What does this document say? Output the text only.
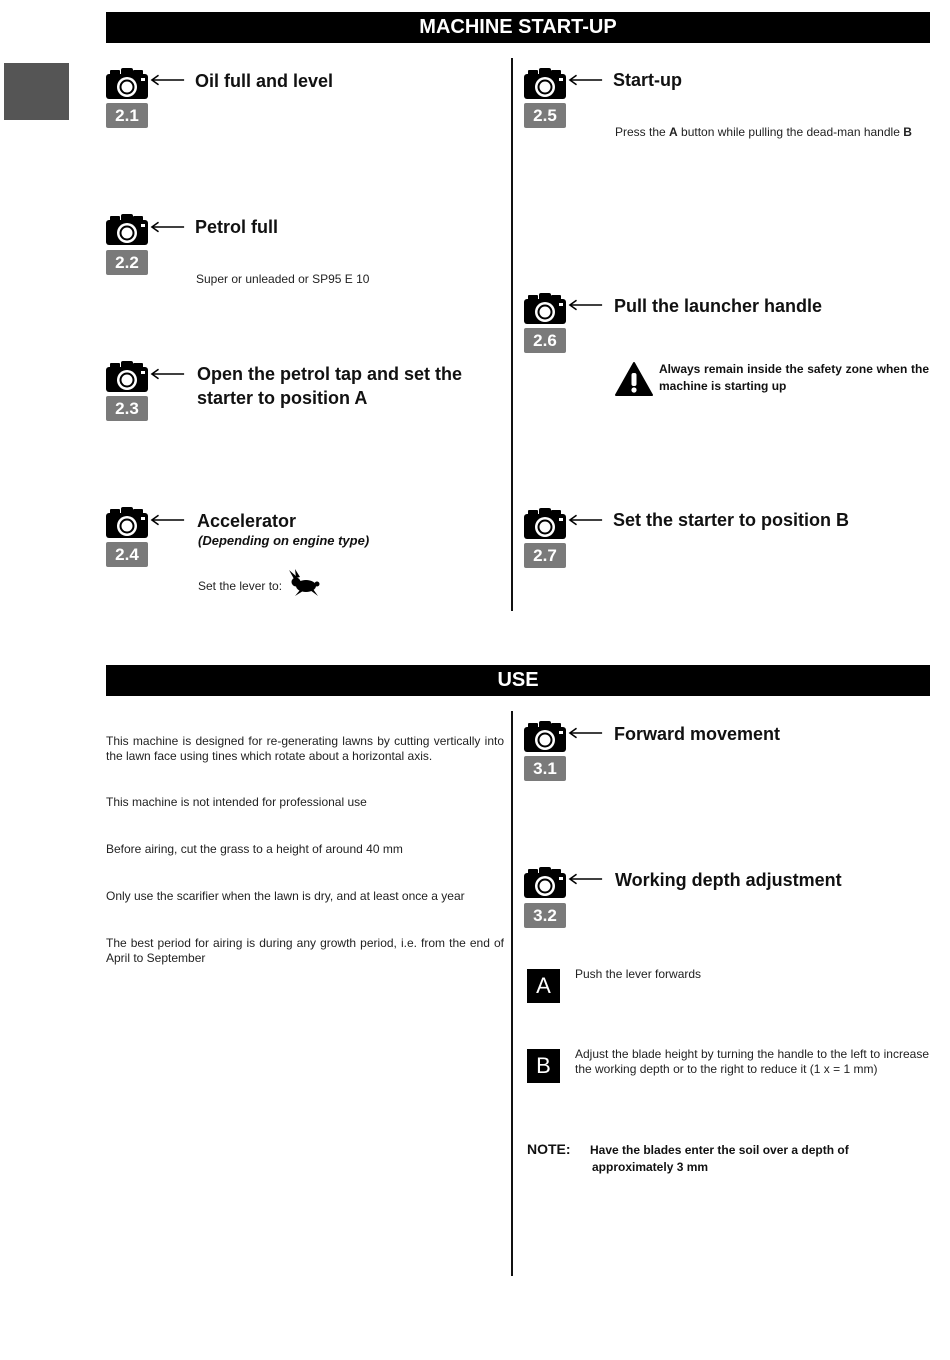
MACHINE START-UP
2.1
Oil full and level
2.2
Petrol full
Super or unleaded or SP95 E 10
2.3
Open the petrol tap and set the
starter to position A
2.4
Accelerator
(Depending on engine type)
Set the lever to:
2.5
Start-up
Press the A button while pulling the dead-man handle B
2.6
Pull the launcher handle
Always remain inside the safety zone when the machine is starting up
2.7
Set the starter to position B
USE
This machine is designed for re-generating lawns by cutting vertically into the lawn face using tines which rotate about a horizontal axis.
This machine is not intended for professional use
Before airing, cut the grass to a height of around 40 mm
Only use the scarifier when the lawn is dry, and at least once a year
The best period for airing is during any growth period, i.e. from the end of April to September
3.1
Forward movement
3.2
Working depth adjustment
A	Push the lever forwards
B	Adjust the blade height by turning the handle to the left to increase the working depth or to the right to reduce it (1 x = 1 mm)
NOTE: Have the blades enter the soil over a depth of
approximately 3 mm
